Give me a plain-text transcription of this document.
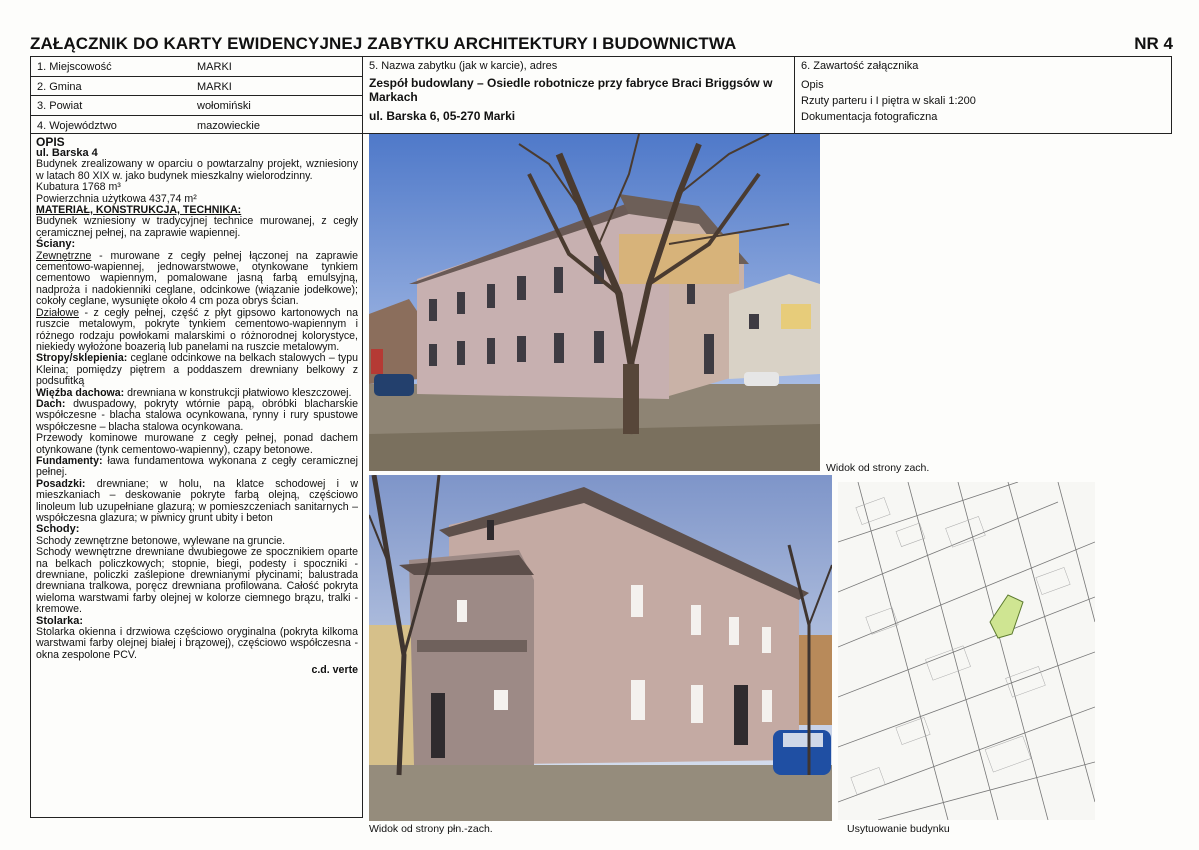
ZAŁĄCZNIK DO KARTY EWIDENCYJNEJ ZABYTKU ARCHITEKTURY I BUDOWNICTWA	NR 4
1. Miejscowość	MARKI
2. Gmina	MARKI
3. Powiat	wołomiński
4. Województwo	mazowieckie
5. Nazwa zabytku (jak w karcie), adres
Zespół budowlany – Osiedle robotnicze przy fabryce Braci Briggsów w Markach
ul. Barska 6, 05-270 Marki
6. Zawartość załącznika
Opis
Rzuty parteru i I piętra w skali 1:200
Dokumentacja fotograficzna

OPIS

ul. Barska 4

Budynek zrealizowany w oparciu o powtarzalny projekt, wzniesiony w latach 80 XIX w. jako budynek mieszkalny wielorodzinny.

Kubatura 1768 m³

Powierzchnia użytkowa 437,74 m²

MATERIAŁ, KONSTRUKCJA, TECHNIKA:

Budynek wzniesiony w tradycyjnej technice murowanej, z cegły ceramicznej pełnej, na zaprawie wapiennej.

Ściany:

Zewnętrzne - murowane z cegły pełnej łączonej na zaprawie cementowo-wapiennej, jednowarstwowe, otynkowane tynkiem cementowo wapiennym, pomalowane jasną farbą emulsyjną, nadproża i nadokienniki ceglane, odcinkowe (wiązanie jodełkowe); cokoły ceglane, wysunięte około 4 cm poza obrys ścian.

Działowe - z cegły pełnej, część z płyt gipsowo kartonowych na ruszcie metalowym, pokryte tynkiem cementowo-wapiennym i różnego rodzaju powłokami malarskimi o różnorodnej kolorystyce, niekiedy wyłożone boazerią lub panelami na ruszcie metalowym.

Stropy/sklepienia: ceglane odcinkowe na belkach stalowych – typu Kleina; pomiędzy piętrem a poddaszem drewniany belkowy z podsufitką

Więźba dachowa: drewniana w konstrukcji płatwiowo kleszczowej.

Dach: dwuspadowy, pokryty wtórnie papą, obróbki blacharskie współczesne - blacha stalowa ocynkowana, rynny i rury spustowe współczesne – blacha stalowa ocynkowana.

Przewody kominowe murowane z cegły pełnej, ponad dachem otynkowane (tynk cementowo-wapienny), czapy betonowe.

Fundamenty: ława fundamentowa wykonana z cegły ceramicznej pełnej.

Posadzki: drewniane; w holu, na klatce schodowej i w mieszkaniach – deskowanie pokryte farbą olejną, częściowo linoleum lub uzupełniane glazurą; w pomieszczeniach sanitarnych – współczesna glazura; w piwnicy grunt ubity i beton

Schody:

Schody zewnętrzne betonowe, wylewane na gruncie.

Schody wewnętrzne drewniane dwubiegowe ze spocznikiem oparte na belkach policzkowych; stopnie, biegi, podesty i spoczniki - drewniane, policzki zaślepione drewnianymi płycinami; balustrada drewniana tralkowa, poręcz drewniana profilowana. Całość pokryta wieloma warstwami farby olejnej w kolorze ciemnego brązu, tralki - kremowe.

Stolarka:

Stolarka okienna i drzwiowa częściowo oryginalna (pokryta kilkoma warstwami farby olejnej białej i brązowej), częściowo współczesna - okna zespolone PCV.

c.d. verte

Widok od strony zach.
Widok od strony płn.-zach.	Usytuowanie budynku
